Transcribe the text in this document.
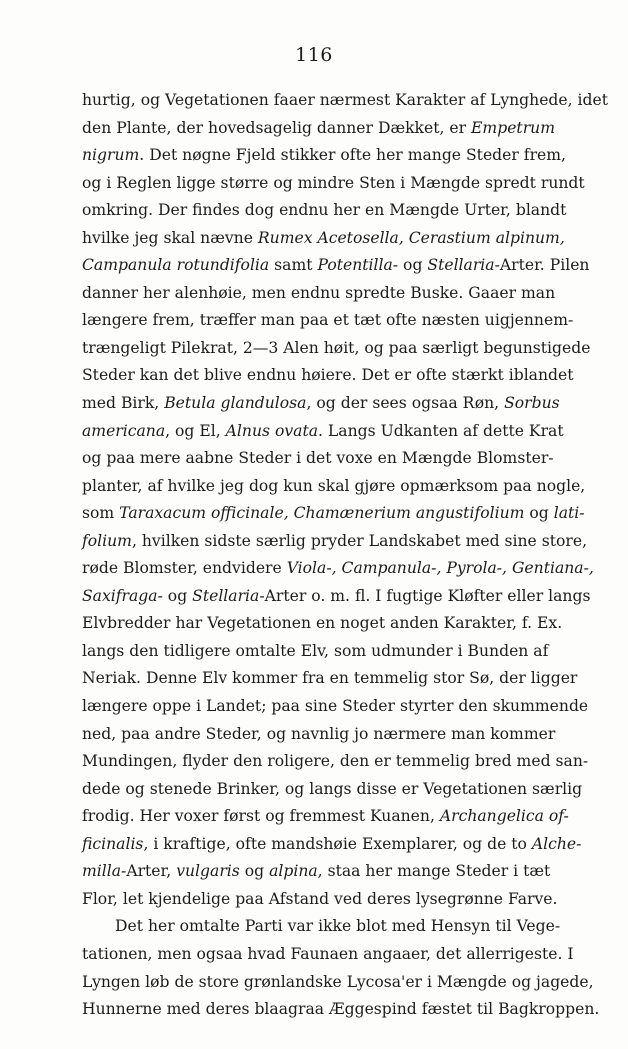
116
hurtig, og Vegetationen faaer nærmest Karakter af Lynghede, idet
den Plante, der hovedsagelig danner Dækket, er Empetrum
nigrum. Det nøgne Fjeld stikker ofte her mange Steder frem,
og i Reglen ligge større og mindre Sten i Mængde spredt rundt
omkring. Der findes dog endnu her en Mængde Urter, blandt
hvilke jeg skal nævne Rumex Acetosella, Cerastium alpinum,
Campanula rotundifolia samt Potentilla- og Stellaria-Arter. Pilen
danner her alenhøie, men endnu spredte Buske. Gaaer man
længere frem, træffer man paa et tæt ofte næsten uigjennem-
trængeligt Pilekrat, 2—3 Alen høit, og paa særligt begunstigede
Steder kan det blive endnu høiere. Det er ofte stærkt iblandet
med Birk, Betula glandulosa, og der sees ogsaa Røn, Sorbus
americana, og El, Alnus ovata. Langs Udkanten af dette Krat
og paa mere aabne Steder i det voxe en Mængde Blomster-
planter, af hvilke jeg dog kun skal gjøre opmærksom paa nogle,
som Taraxacum officinale, Chamænerium angustifolium og lati-
folium, hvilken sidste særlig pryder Landskabet med sine store,
røde Blomster, endvidere Viola-, Campanula-, Pyrola-, Gentiana-,
Saxifraga- og Stellaria-Arter o. m. fl. I fugtige Kløfter eller langs
Elvbredder har Vegetationen en noget anden Karakter, f. Ex.
langs den tidligere omtalte Elv, som udmunder i Bunden af
Neriak. Denne Elv kommer fra en temmelig stor Sø, der ligger
længere oppe i Landet; paa sine Steder styrter den skummende
ned, paa andre Steder, og navnlig jo nærmere man kommer
Mundingen, flyder den roligere, den er temmelig bred med san-
dede og stenede Brinker, og langs disse er Vegetationen særlig
frodig. Her voxer først og fremmest Kuanen, Archangelica of-
ficinalis, i kraftige, ofte mandshøie Exemplarer, og de to Alche-
milla-Arter, vulgaris og alpina, staa her mange Steder i tæt
Flor, let kjendelige paa Afstand ved deres lysegrønne Farve.
Det her omtalte Parti var ikke blot med Hensyn til Vege-
tationen, men ogsaa hvad Faunaen angaaer, det allerrigeste. I
Lyngen løb de store grønlandske Lycosa'er i Mængde og jagede,
Hunnerne med deres blaagraa Æggespind fæstet til Bagkroppen.
